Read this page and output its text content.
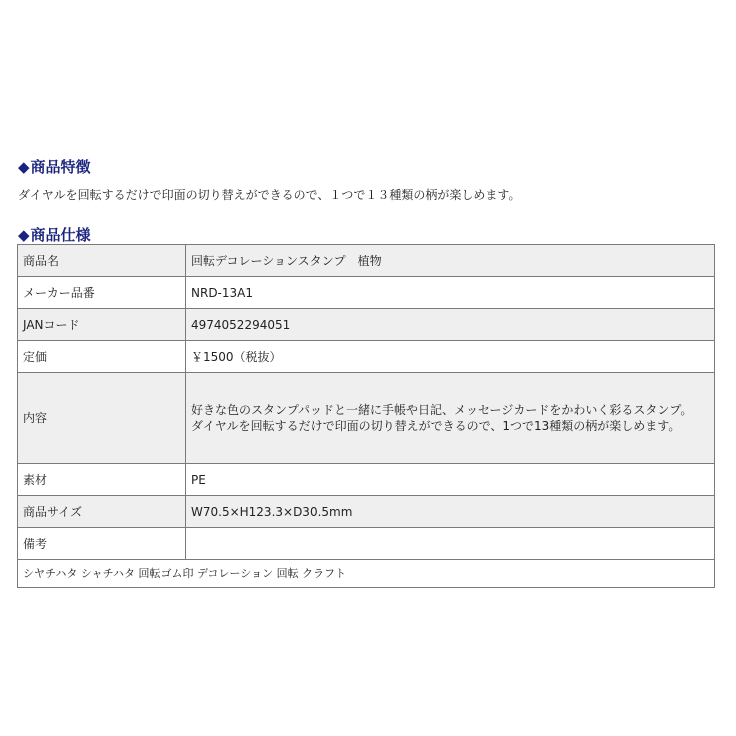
◆商品特徴
ダイヤルを回転するだけで印面の切り替えができるので、１つで１３種類の柄が楽しめます。
◆商品仕様
商品名	回転デコレーションスタンプ　植物
メーカー品番	NRD-13A1
JANコード	4974052294051
定価	￥1500（税抜）
内容	好きな色のスタンプパッドと一緒に手帳や日記、メッセージカードをかわいく彩るスタンプ。
ダイヤルを回転するだけで印面の切り替えができるので、1つで13種類の柄が楽しめます。

素材	PE
商品サイズ	W70.5×H123.3×D30.5mm
備考	
シヤチハタ シャチハタ 回転ゴム印 デコレーション 回転 クラフト	
